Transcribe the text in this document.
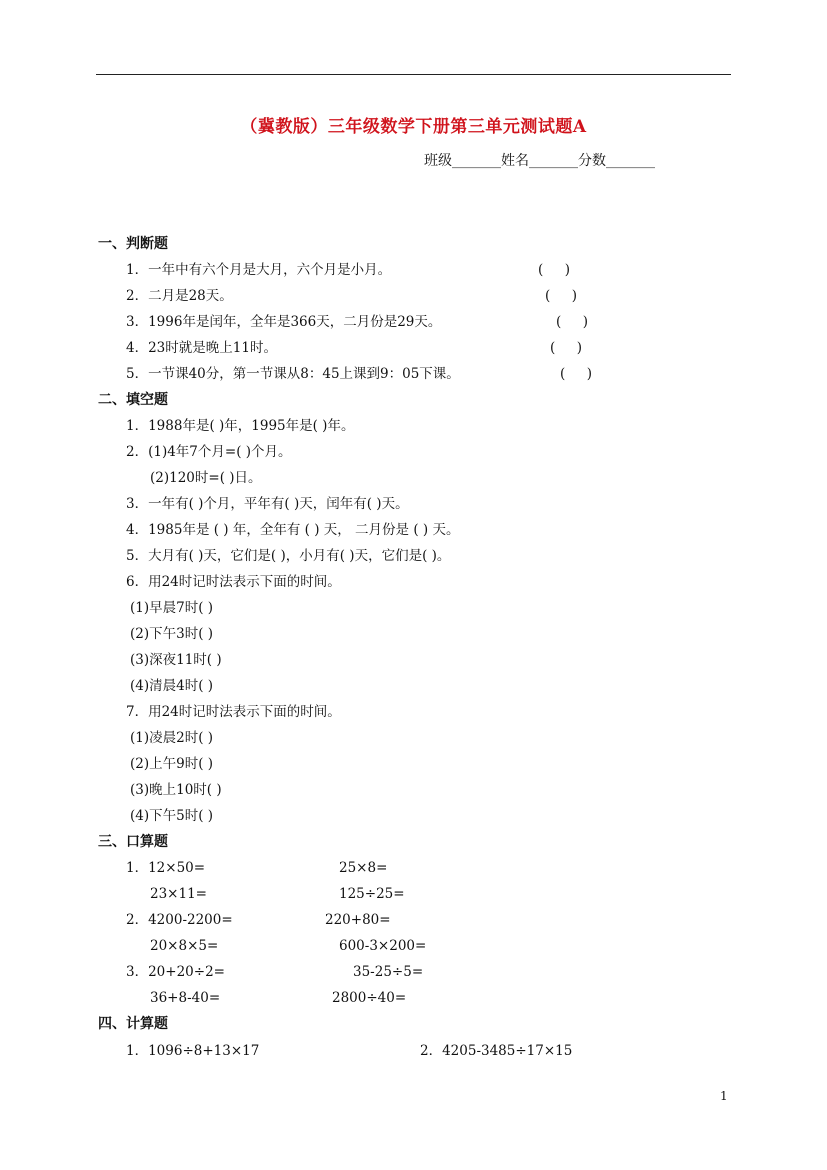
（冀教版）三年级数学下册第三单元测试题A
班级_______姓名_______分数_______
一、判断题
1．一年中有六个月是大月，六个月是小月。	(     )
2．二月是28天。	(     )
3．1996年是闰年，全年是366天，二月份是29天。	(     )
4．23时就是晚上11时。	(     )
5．一节课40分，第一节课从8：45上课到9：05下课。	(     )
二、填空题
1．1988年是( )年，1995年是( )年。
2．(1)4年7个月=( )个月。
(2)120时=( )日。
3．一年有( )个月，平年有( )天，闰年有( )天。
4．1985年是 ( ) 年，全年有 ( ) 天， 二月份是 ( ) 天。
5．大月有( )天，它们是( )，小月有( )天，它们是( )。
6．用24时记时法表示下面的时间。
(1)早晨7时( )
(2)下午3时( )
(3)深夜11时( )
(4)清晨4时( )
7．用24时记时法表示下面的时间。
(1)凌晨2时( )
(2)上午9时( )
(3)晚上10时( )
(4)下午5时( )
三、口算题
1．12×50=	25×8=
23×11=	125÷25=
2．4200-2200=	220+80=
20×8×5=	600-3×200=
3．20+20÷2=	35-25÷5=
36+8-40=	2800÷40=
四、计算题
1．1096÷8+13×17	2．4205-3485÷17×15
1
